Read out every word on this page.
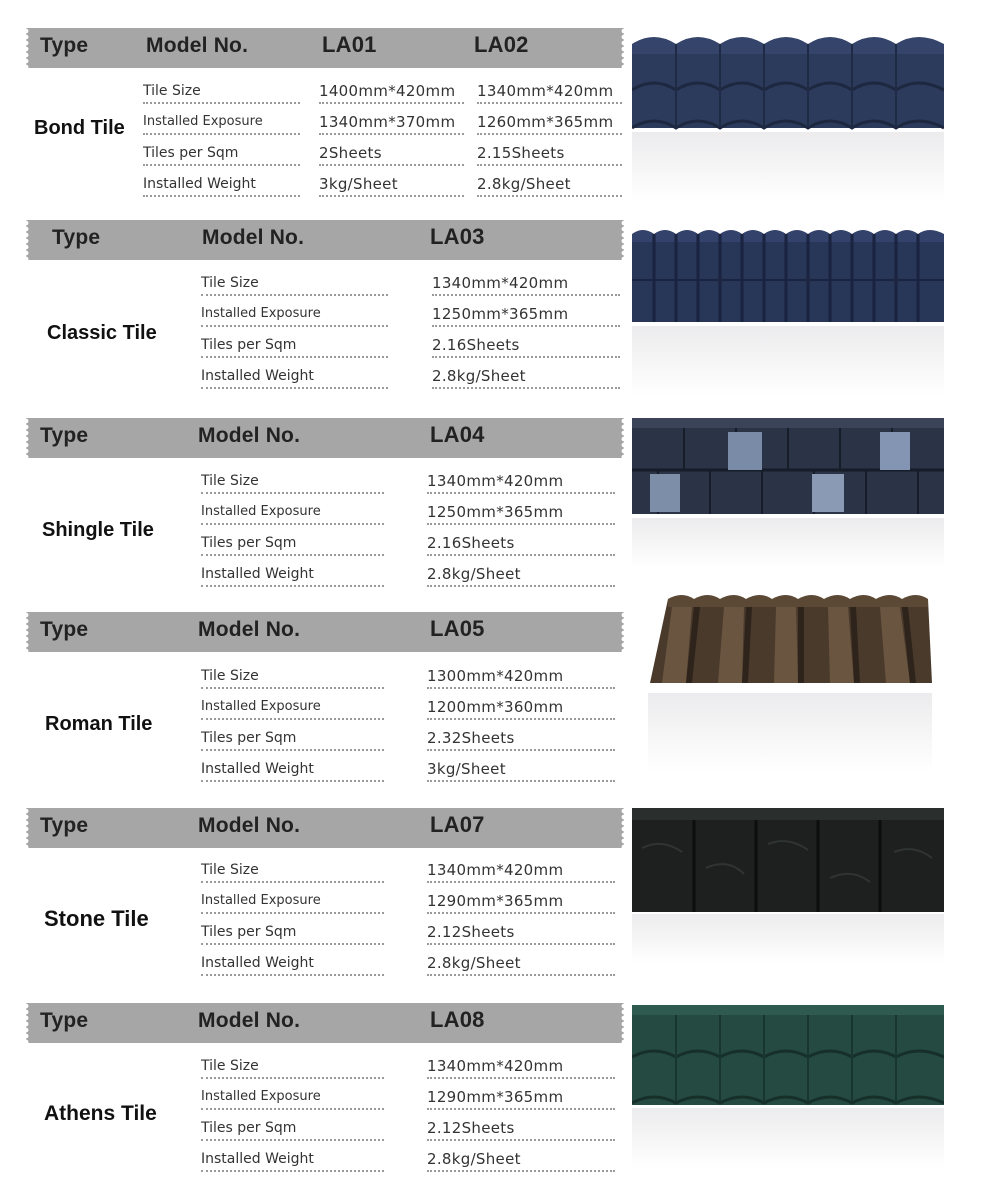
Type	Model No.	LA01	LA02
Bond Tile
Tile Size	1400mm*420mm	1340mm*420mm
Installed Exposure	1340mm*370mm	1260mm*365mm
Tiles per Sqm	2Sheets	2.15Sheets
Installed Weight	3kg/Sheet	2.8kg/Sheet
Type	Model No.	LA03
Classic Tile
Tile Size	1340mm*420mm
Installed Exposure	1250mm*365mm
Tiles per Sqm	2.16Sheets
Installed Weight	2.8kg/Sheet
Type	Model No.	LA04
Shingle Tile
Tile Size	1340mm*420mm
Installed Exposure	1250mm*365mm
Tiles per Sqm	2.16Sheets
Installed Weight	2.8kg/Sheet
Type	Model No.	LA05
Roman Tile
Tile Size	1300mm*420mm
Installed Exposure	1200mm*360mm
Tiles per Sqm	2.32Sheets
Installed Weight	3kg/Sheet
Type	Model No.	LA07
Stone Tile
Tile Size	1340mm*420mm
Installed Exposure	1290mm*365mm
Tiles per Sqm	2.12Sheets
Installed Weight	2.8kg/Sheet
Type	Model No.	LA08
Athens Tile
Tile Size	1340mm*420mm
Installed Exposure	1290mm*365mm
Tiles per Sqm	2.12Sheets
Installed Weight	2.8kg/Sheet
